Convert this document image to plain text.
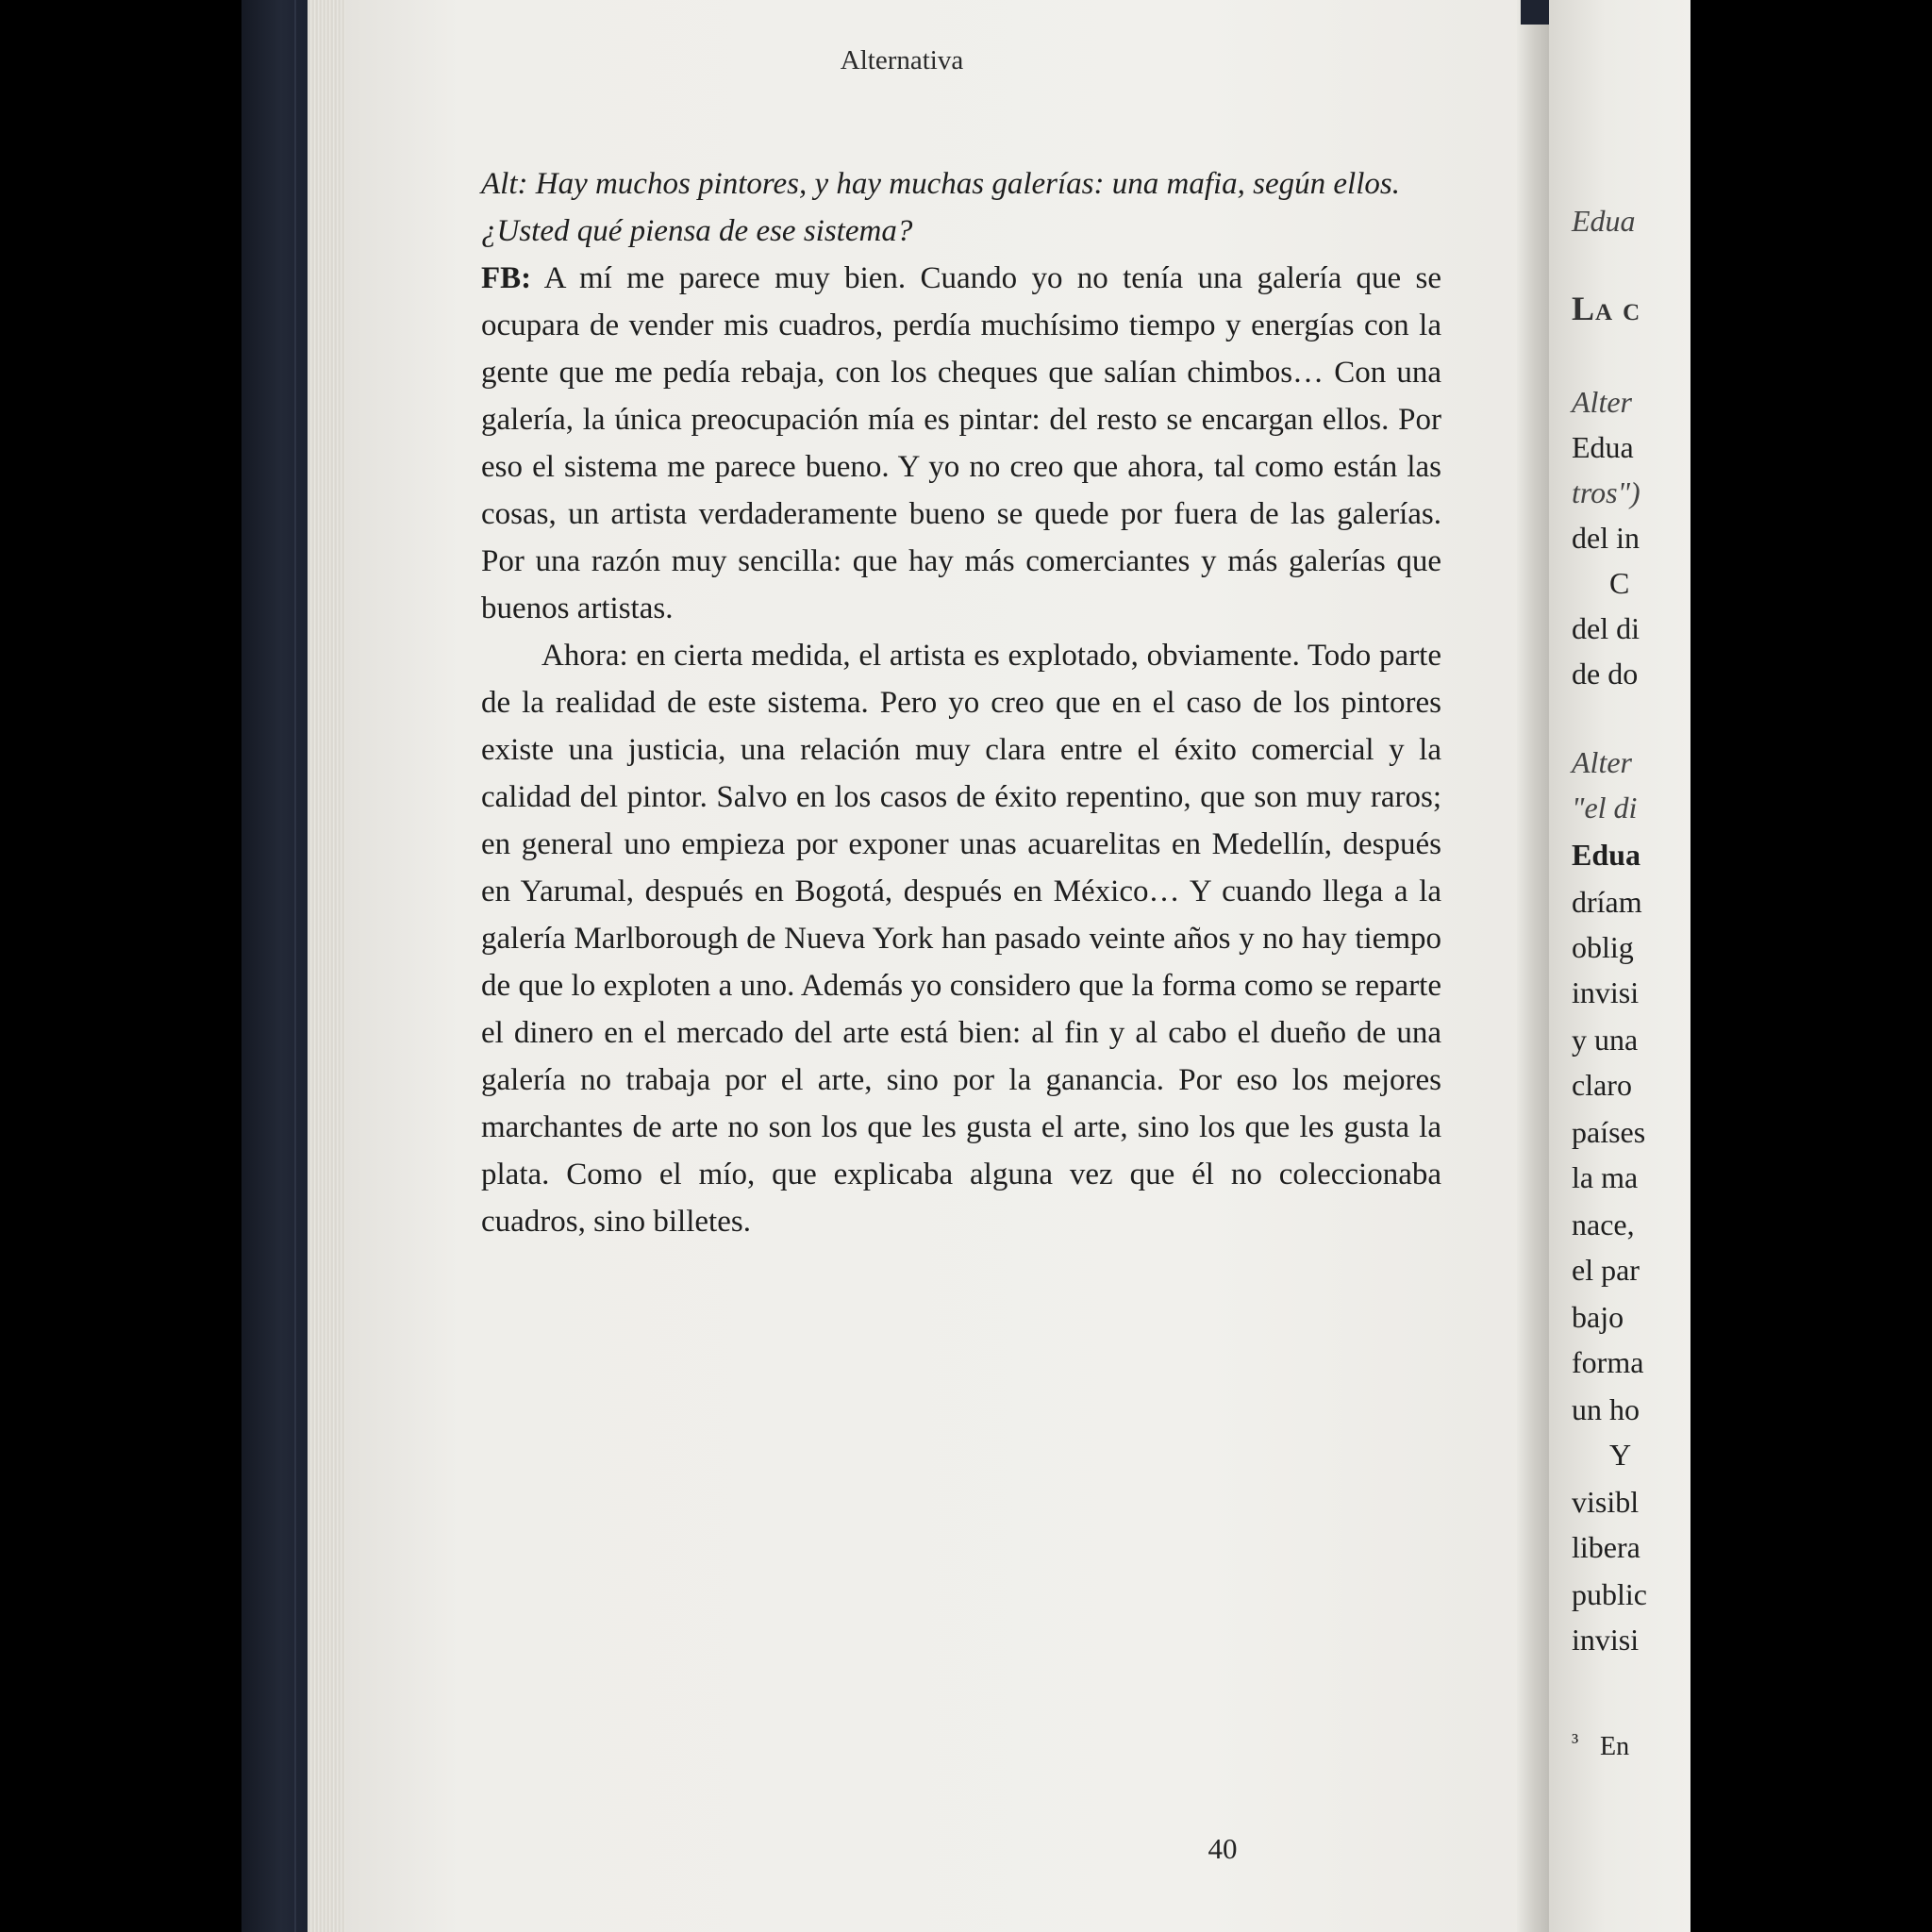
Edua
La c
Alter
Edua
tros")
del in
C
del di
de do
Alter
"el di
Edua
dríam
oblig
invisi
y una
claro
países
la ma
nace,
el par
bajo
forma
un ho
Y
visibl
libera
public
invisi
³ En
Alternativa

Alt: Hay muchos pintores, y hay muchas galerías: una mafia, según ellos.
¿Usted qué piensa de ese sistema?

FB: A mí me parece muy bien. Cuando yo no tenía una galería que se ocupara de vender mis cuadros, perdía muchísimo tiempo y energías con la gente que me pedía rebaja, con los cheques que salían chimbos… Con una galería, la única preocupación mía es pintar: del resto se encargan ellos. Por eso el sistema me parece bueno. Y yo no creo que ahora, tal como están las cosas, un artista verdaderamente bueno se quede por fuera de las galerías. Por una razón muy sencilla: que hay más comerciantes y más galerías que buenos artistas.

Ahora: en cierta medida, el artista es explotado, obviamente. Todo parte de la realidad de este sistema. Pero yo creo que en el caso de los pintores existe una justicia, una relación muy clara entre el éxito comercial y la calidad del pintor. Salvo en los casos de éxito repentino, que son muy raros; en general uno empieza por exponer unas acuarelitas en Medellín, después en Yarumal, después en Bogotá, después en México… Y cuando llega a la galería Marlborough de Nueva York han pasado veinte años y no hay tiempo de que lo exploten a uno. Además yo considero que la forma como se reparte el dinero en el mercado del arte está bien: al fin y al cabo el dueño de una galería no trabaja por el arte, sino por la ganancia. Por eso los mejores marchantes de arte no son los que les gusta el arte, sino los que les gusta la plata. Como el mío, que explicaba alguna vez que él no coleccionaba cuadros, sino billetes.

40
